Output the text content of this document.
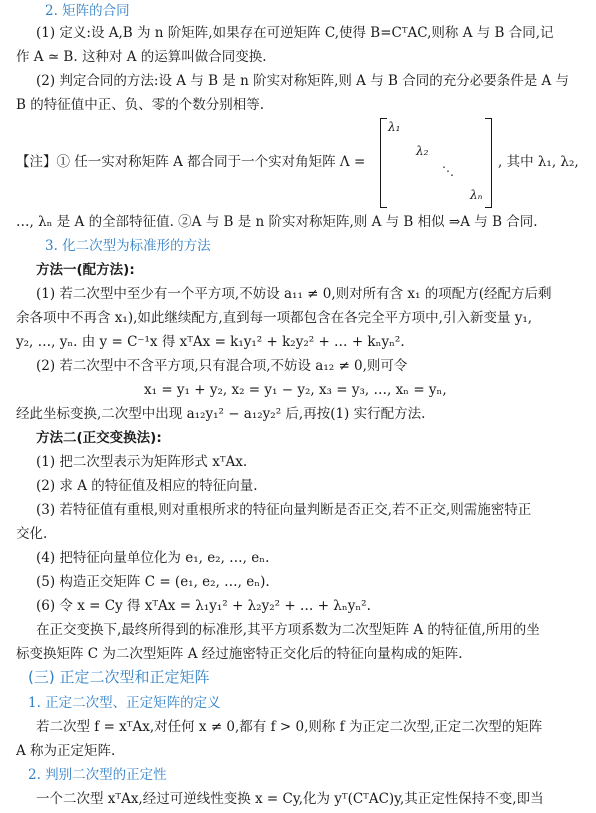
2. 矩阵的合同
(1) 定义:设 A,B 为 n 阶矩阵,如果存在可逆矩阵 C,使得 B=CᵀAC,则称 A 与 B 合同,记
作 A ≃ B. 这种对 A 的运算叫做合同变换.
(2) 判定合同的方法:设 A 与 B 是 n 阶实对称矩阵,则 A 与 B 合同的充分必要条件是 A 与
B 的特征值中正、负、零的个数分别相等.
【注】① 任一实对称矩阵 A 都合同于一个实对角矩阵 Λ =	, 其中 λ₁, λ₂,
…, λₙ 是 A 的全部特征值. ②A 与 B 是 n 阶实对称矩阵,则 A 与 B 相似 ⇒A 与 B 合同.
3. 化二次型为标准形的方法
方法一(配方法):
(1) 若二次型中至少有一个平方项,不妨设 a₁₁ ≠ 0,则对所有含 x₁ 的项配方(经配方后剩
余各项中不再含 x₁),如此继续配方,直到每一项都包含在各完全平方项中,引入新变量 y₁,
y₂, …, yₙ. 由 y = C⁻¹x 得 xᵀAx = k₁y₁² + k₂y₂² + … + kₙyₙ².
(2) 若二次型中不含平方项,只有混合项,不妨设 a₁₂ ≠ 0,则可令
x₁ = y₁ + y₂, x₂ = y₁ − y₂, x₃ = y₃, …, xₙ = yₙ,
经此坐标变换,二次型中出现 a₁₂y₁² − a₁₂y₂² 后,再按(1) 实行配方法.
方法二(正交变换法):
(1) 把二次型表示为矩阵形式 xᵀAx.
(2) 求 A 的特征值及相应的特征向量.
(3) 若特征值有重根,则对重根所求的特征向量判断是否正交,若不正交,则需施密特正
交化.
(4) 把特征向量单位化为 e₁, e₂, …, eₙ.
(5) 构造正交矩阵 C = (e₁, e₂, …, eₙ).
(6) 令 x = Cy 得 xᵀAx = λ₁y₁² + λ₂y₂² + … + λₙyₙ².
在正交变换下,最终所得到的标准形,其平方项系数为二次型矩阵 A 的特征值,所用的坐
标变换矩阵 C 为二次型矩阵 A 经过施密特正交化后的特征向量构成的矩阵.
(三) 正定二次型和正定矩阵
1. 正定二次型、正定矩阵的定义
若二次型 f = xᵀAx,对任何 x ≠ 0,都有 f > 0,则称 f 为正定二次型,正定二次型的矩阵
A 称为正定矩阵.
2. 判别二次型的正定性
一个二次型 xᵀAx,经过可逆线性变换 x = Cy,化为 yᵀ(CᵀAC)y,其正定性保持不变,即当
λ₁
λ₂
⋱
λₙ
